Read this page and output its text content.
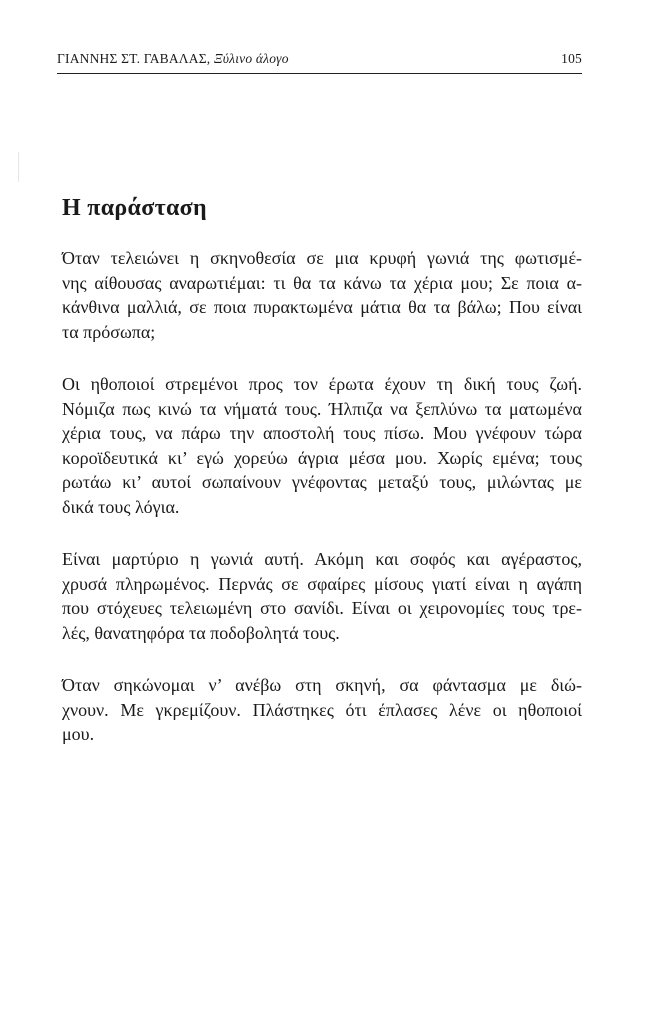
ΓΙΑΝΝΗΣ ΣΤ. ΓΑΒΑΛΑΣ, Ξύλινο άλογο	105
Η παράσταση

Όταν τελειώνει η σκηνοθεσία σε μια κρυφή γωνιά της φωτισμέ-
νης αίθουσας αναρωτιέμαι: τι θα τα κάνω τα χέρια μου; Σε ποια α-
κάνθινα μαλλιά, σε ποια πυρακτωμένα μάτια θα τα βάλω; Που είναι
τα πρόσωπα;

Οι ηθοποιοί στρεμένοι προς τον έρωτα έχουν τη δική τους ζωή.
Νόμιζα πως κινώ τα νήματά τους. Ήλπιζα να ξεπλύνω τα ματωμένα
χέρια τους, να πάρω την αποστολή τους πίσω. Μου γνέφουν τώρα
κοροϊδευτικά κι’ εγώ χορεύω άγρια μέσα μου. Χωρίς εμένα; τους
ρωτάω κι’ αυτοί σωπαίνουν γνέφοντας μεταξύ τους, μιλώντας με
δικά τους λόγια.

Είναι μαρτύριο η γωνιά αυτή. Ακόμη και σοφός και αγέραστος,
χρυσά πληρωμένος. Περνάς σε σφαίρες μίσους γιατί είναι η αγάπη
που στόχευες τελειωμένη στο σανίδι. Είναι οι χειρονομίες τους τρε-
λές, θανατηφόρα τα ποδοβολητά τους.

Όταν σηκώνομαι ν’ ανέβω στη σκηνή, σα φάντασμα με διώ-
χνουν. Με γκρεμίζουν. Πλάστηκες ότι έπλασες λένε οι ηθοποιοί
μου.
